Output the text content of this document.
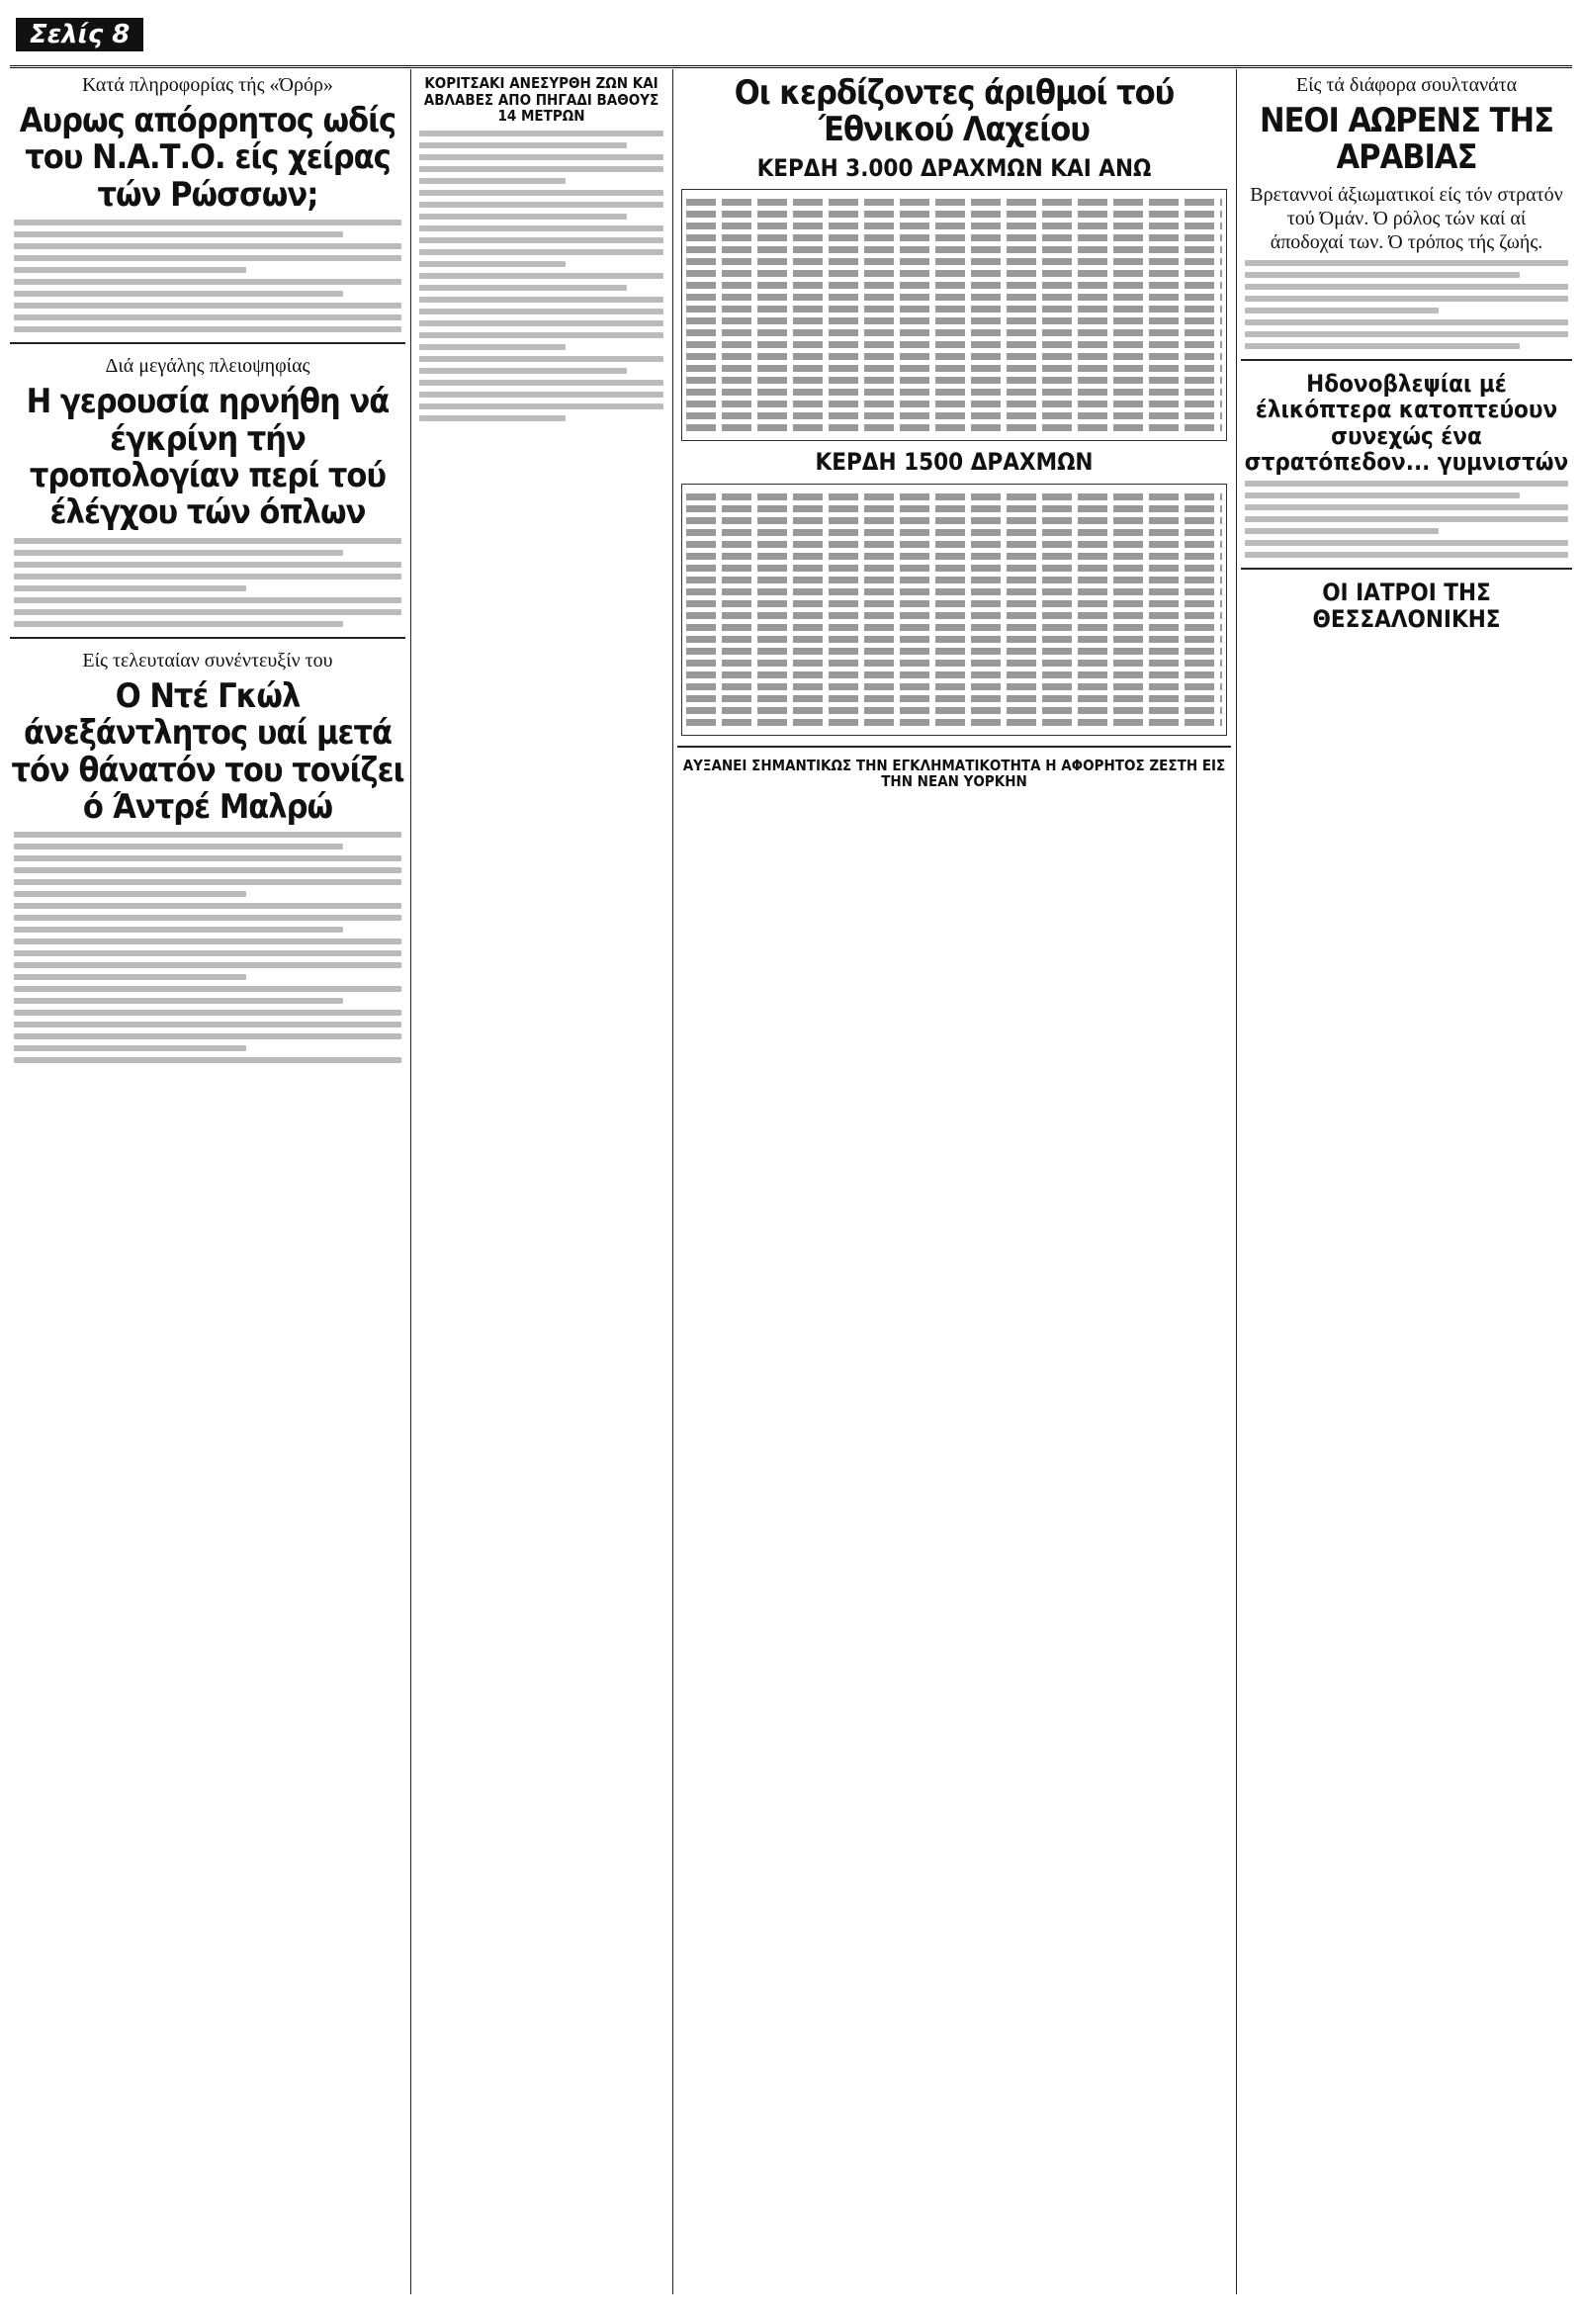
Σελίς 8
Κατά πληροφορίας τής «Όρόρ»
Αυρως απόρρητος ωδίς του Ν.Α.Τ.Ο. είς χείρας τών Ρώσσων;
Διά μεγάλης πλειοψηφίας
Η γερουσία ηρνήθη νά έγκρίνη τήν τροπολογίαν περί τού έλέγχου τών όπλων
Είς τελευταίαν συνέντευξίν του
Ο Ντέ Γκώλ άνεξάντλητος υαί μετά τόν θάνατόν του τονίζει ό Άντρέ Μαλρώ
ΚΟΡΙΤΣΑΚΙ ΑΝΕΣΥΡΘΗ ΖΩΝ ΚΑΙ ΑΒΛΑΒΕΣ ΑΠΟ ΠΗΓΑΔΙ ΒΑΘΟΥΣ 14 ΜΕΤΡΩΝ
Οι κερδίζοντες άριθμοί τού Έθνικού Λαχείου
ΚΕΡΔΗ 3.000 ΔΡΑΧΜΩΝ ΚΑΙ ΑΝΩ
ΚΕΡΔΗ 1500 ΔΡΑΧΜΩΝ
ΑΥΞΑΝΕΙ ΣΗΜΑΝΤΙΚΩΣ ΤΗΝ ΕΓΚΛΗΜΑΤΙΚΟΤΗΤΑ Η ΑΦΟΡΗΤΟΣ ΖΕΣΤΗ ΕΙΣ ΤΗΝ ΝΕΑΝ ΥΟΡΚΗΝ
Είς τά διάφορα σουλτανάτα
ΝΕΟΙ ΑΩΡΕΝΣ ΤΗΣ ΑΡΑΒΙΑΣ
Βρεταννοί άξιωματικοί είς τόν στρατόν τού Όμάν. Ό ρόλος τών καί αί άποδοχαί των. Ό τρόπος τής ζωής.
Ηδονοβλεψίαι μέ έλικόπτερα κατοπτεύουν συνεχώς ένα στρατόπεδον... γυμνιστών
ΟΙ ΙΑΤΡΟΙ ΤΗΣ ΘΕΣΣΑΛΟΝΙΚΗΣ
